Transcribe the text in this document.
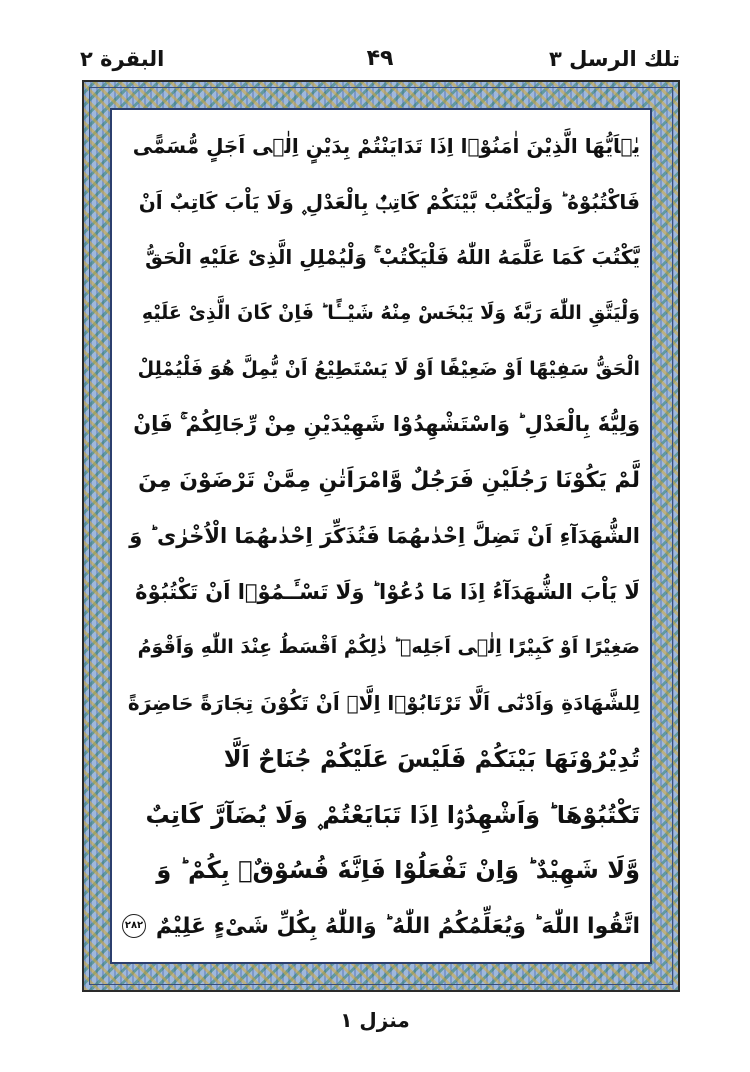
البقرة ٢	۴۹	تلك الرسل ٣
يٰۤاَيُّهَا الَّذِيْنَ اٰمَنُوْۤا اِذَا تَدَايَنْتُمْ بِدَيْنٍ اِلٰۤى اَجَلٍ مُّسَمًّى
فَاكْتُبُوْهُ ؕ وَلْيَكْتُبْ بَّيْنَكُمْ كَاتِبٌۢ بِالْعَدْلِ ۪ وَلَا يَاْبَ كَاتِبٌ اَنْ
يَّكْتُبَ كَمَا عَلَّمَهُ اللّٰهُ فَلْيَكْتُبْ ۚ وَلْيُمْلِلِ الَّذِىْ عَلَيْهِ الْحَقُّ
وَلْيَتَّقِ اللّٰهَ رَبَّهٗ وَلَا يَبْخَسْ مِنْهُ شَيْــًٔا ؕ فَاِنْ كَانَ الَّذِىْ عَلَيْهِ
الْحَقُّ سَفِيْهًا اَوْ ضَعِيْفًا اَوْ لَا يَسْتَطِيْعُ اَنْ يُّمِلَّ هُوَ فَلْيُمْلِلْ
وَلِيُّهٗ بِالْعَدْلِ ؕ وَاسْتَشْهِدُوْا شَهِيْدَيْنِ مِنْ رِّجَالِكُمْ ۚ فَاِنْ
لَّمْ يَكُوْنَا رَجُلَيْنِ فَرَجُلٌ وَّامْرَاَتٰنِ مِمَّنْ تَرْضَوْنَ مِنَ
الشُّهَدَآءِ اَنْ تَضِلَّ اِحْدٰٮهُمَا فَتُذَكِّرَ اِحْدٰٮهُمَا الْاُخْرٰى ؕ وَ
لَا يَاْبَ الشُّهَدَآءُ اِذَا مَا دُعُوْا ؕ وَلَا تَسْـَٔـمُوْۤا اَنْ تَكْتُبُوْهُ
صَغِيْرًا اَوْ كَبِيْرًا اِلٰۤى اَجَلِهٖ ؕ ذٰلِكُمْ اَقْسَطُ عِنْدَ اللّٰهِ وَاَقْوَمُ
لِلشَّهَادَةِ وَاَدْنٰٓى اَلَّا تَرْتَابُوْۤا اِلَّاۤ اَنْ تَكُوْنَ تِجَارَةً حَاضِرَةً
تُدِيْرُوْنَهَا بَيْنَكُمْ فَلَيْسَ عَلَيْكُمْ جُنَاحٌ اَلَّا
تَكْتُبُوْهَا ؕ وَاَشْهِدُوْۤا اِذَا تَبَايَعْتُمْ ۪ وَلَا يُضَآرَّ كَاتِبٌ
وَّلَا شَهِيْدٌ ؕ وَاِنْ تَفْعَلُوْا فَاِنَّهٗ فُسُوْقٌۢ بِكُمْ ؕ وَ
اتَّقُوا اللّٰهَ ؕ وَيُعَلِّمُكُمُ اللّٰهُ ؕ وَاللّٰهُ بِكُلِّ شَىْءٍ عَلِيْمٌ
۲۸۲
منزل ۱
